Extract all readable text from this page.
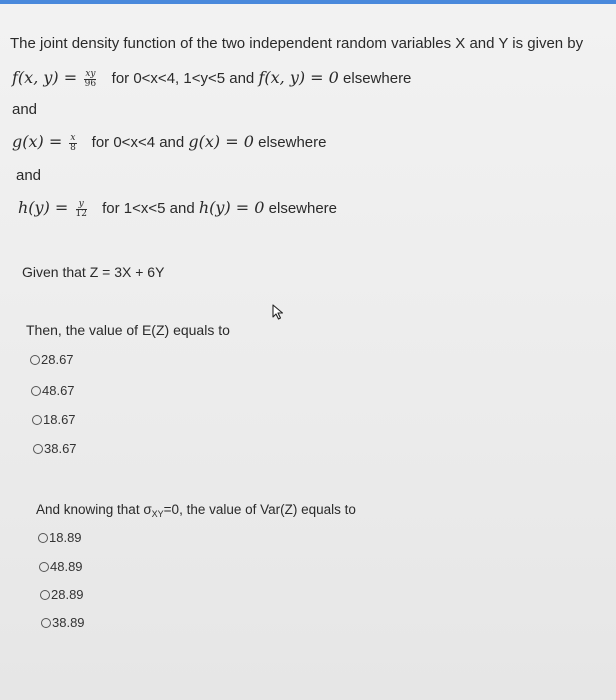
The joint density function of the two independent random variables X and Y is given by
f(x, $y) = \frac{xy}{96}$ for 0<x<4, 1<y<5 and f(x, y) = 0 elsewhere
and
$g(x) = \frac{x}{8}$ for 0<x<4 and g(x) = 0 elsewhere
and
$h(y) = \frac{y}{12}$ for 1<x<5 and h(y) = 0 elsewhere
Given that Z = 3X + 6Y
Then, the value of E(Z) equals to
28.67
48.67
18.67
38.67
And knowing that $\sigma_{XY}=0$, the value of Var(Z) equals to
18.89
48.89
28.89
38.89
